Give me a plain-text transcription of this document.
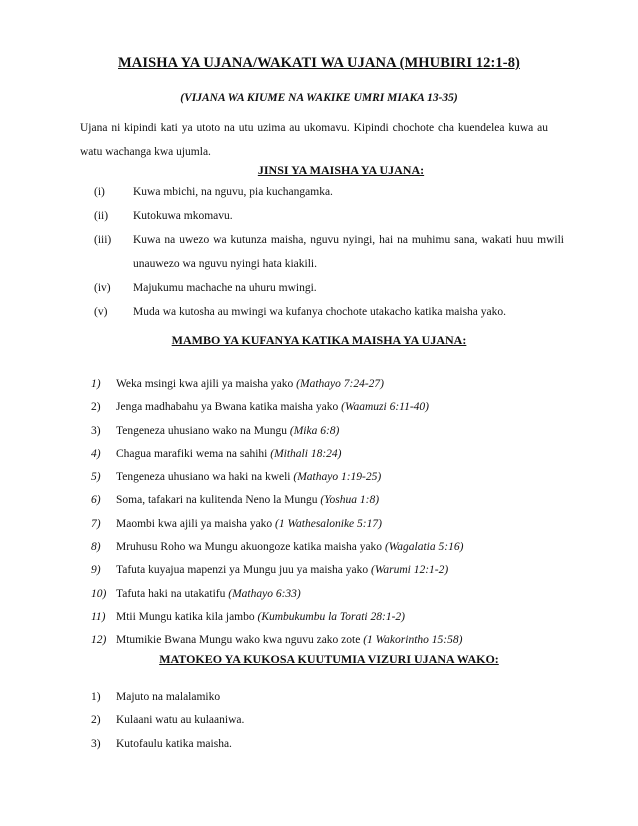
MAISHA YA UJANA/WAKATI WA UJANA (MHUBIRI 12:1-8)
(VIJANA WA KIUME NA WAKIKE UMRI MIAKA 13-35)
Ujana ni kipindi kati ya utoto na utu uzima au ukomavu. Kipindi chochote cha kuendelea kuwa au watu wachanga kwa ujumla.
JINSI YA MAISHA YA UJANA:
(i) Kuwa mbichi, na nguvu, pia kuchangamka.
(ii) Kutokuwa mkomavu.
(iii) Kuwa na uwezo wa kutunza maisha, nguvu nyingi, hai na muhimu sana, wakati huu mwili unauwezo wa nguvu nyingi hata kiakili.
(iv) Majukumu machache na uhuru mwingi.
(v) Muda wa kutosha au mwingi wa kufanya chochote utakacho katika maisha yako.
MAMBO YA KUFANYA KATIKA MAISHA YA UJANA:
1) Weka msingi kwa ajili ya maisha yako (Mathayo 7:24-27)
2) Jenga madhabahu ya Bwana katika maisha yako (Waamuzi 6:11-40)
3) Tengeneza uhusiano wako na Mungu (Mika 6:8)
4) Chagua marafiki wema na sahihi (Mithali 18:24)
5) Tengeneza uhusiano wa haki na kweli (Mathayo 1:19-25)
6) Soma, tafakari na kulitenda Neno la Mungu (Yoshua 1:8)
7) Maombi kwa ajili ya maisha yako (1 Wathesalonike 5:17)
8) Mruhusu Roho wa Mungu akuongoze katika maisha yako (Wagalatia 5:16)
9) Tafuta kuyajua mapenzi ya Mungu juu ya maisha yako (Warumi 12:1-2)
10) Tafuta haki na utakatifu (Mathayo 6:33)
11) Mtii Mungu katika kila jambo (Kumbukumbu la Torati 28:1-2)
12) Mtumikie Bwana Mungu wako kwa nguvu zako zote (1 Wakorintho 15:58)
MATOKEO YA KUKOSA KUUTUMIA VIZURI UJANA WAKO:
1) Majuto na malalamiko
2) Kulaani watu au kulaaniwa.
3) Kutofaulu katika maisha.
